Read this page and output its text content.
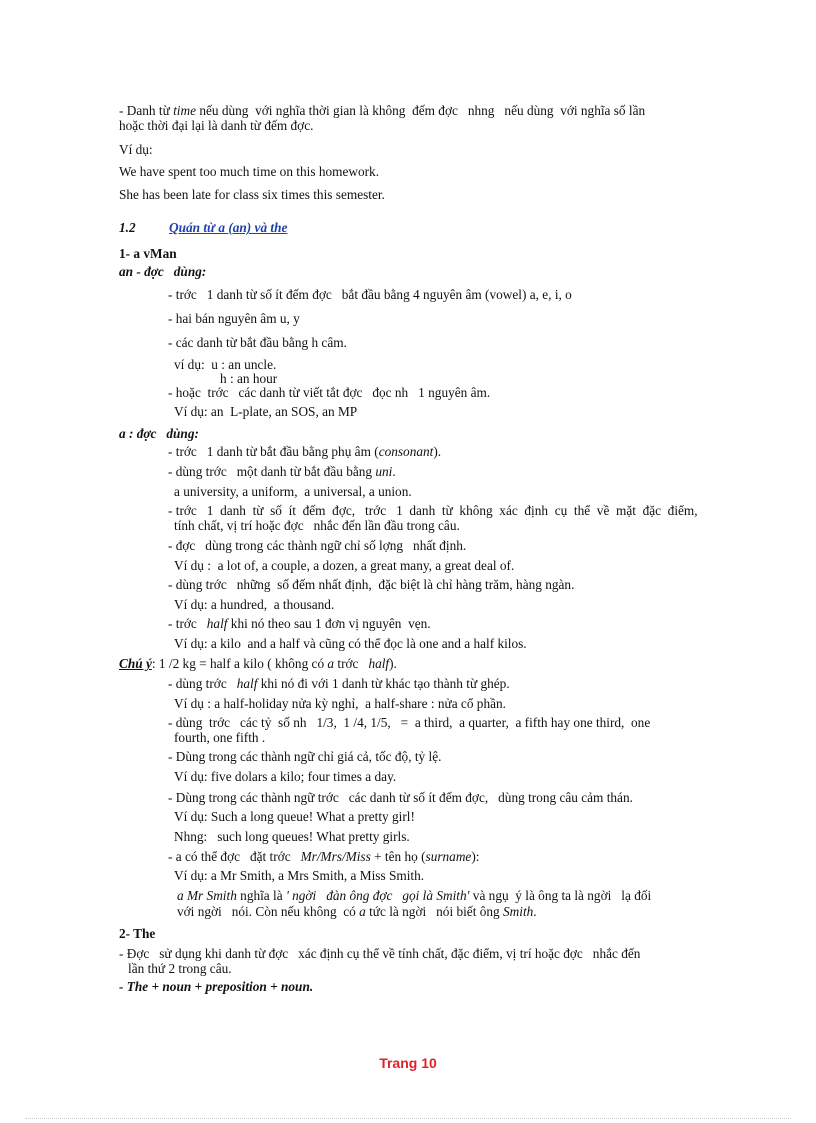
- Danh từ time nếu dùng  với nghĩa thời gian là không  đếm đợc   nhng   nếu dùng  với nghĩa số lần
hoặc thời đại lại là danh từ đếm đợc.
Ví dụ:
We have spent too much time on this homework.
She has been late for class six times this semester.
1.2	Quán từ a (an) và the
1- a vMan
an - đợc   dùng:
- trớc   1 danh từ số ít đếm đợc   bắt đầu bằng 4 nguyên âm (vowel) a, e, i, o
- hai bán nguyên âm u, y
- các danh từ bắt đầu bằng h câm.
ví dụ:  u : an uncle.
h : an hour
- hoặc  trớc   các danh từ viết tắt đợc   đọc nh   1 nguyên âm.
Ví dụ: an  L-plate, an SOS, an MP
a : đợc   dùng:
- trớc   1 danh từ bắt đầu bằng phụ âm (consonant).
- dùng trớc   một danh từ bắt đầu bằng uni.
a university, a uniform,  a universal, a union.
- trớc   1  danh  từ  số  ít  đếm  đợc,   trớc   1  danh  từ  không  xác  định  cụ  thể  về  mặt  đặc  điểm,
tính chất, vị trí hoặc đợc   nhắc đến lần đầu trong câu.
- đợc   dùng trong các thành ngữ chỉ số lợng   nhất định.
Ví dụ :  a lot of, a couple, a dozen, a great many, a great deal of.
- dùng trớc   những  số đếm nhất định,  đặc biệt là chỉ hàng trăm, hàng ngàn.
Ví dụ: a hundred,  a thousand.
- trớc   half khi nó theo sau 1 đơn vị nguyên  vẹn.
Ví dụ: a kilo  and a half và cũng có thể đọc là one and a half kilos.
Chú ý: 1 /2 kg = half a kilo ( không có a trớc   half).
- dùng trớc   half khi nó đi với 1 danh từ khác tạo thành từ ghép.
Ví dụ : a half-holiday nửa kỳ nghỉ,  a half-share : nửa cổ phần.
- dùng  trớc   các tỷ  số nh   1/3,  1 /4, 1/5,   =  a third,  a quarter,  a fifth hay one third,  one
fourth, one fifth .
- Dùng trong các thành ngữ chỉ giá cả, tốc độ, tỷ lệ.
Ví dụ: five dolars a kilo; four times a day.
- Dùng trong các thành ngữ trớc   các danh từ số ít đếm đợc,   dùng trong câu cảm thán.
Ví dụ: Such a long queue! What a pretty girl!
Nhng:   such long queues! What pretty girls.
- a có thể đợc   đặt trớc   Mr/Mrs/Miss + tên họ (surname):
Ví dụ: a Mr Smith, a Mrs Smith, a Miss Smith.
a Mr Smith nghĩa là ' ngời   đàn ông đợc   gọi là Smith' và ngụ  ý là ông ta là ngời   lạ đối
với ngời   nói. Còn nếu không  có a tức là ngời   nói biết ông Smith.
2- The
- Đợc   sử dụng khi danh từ đợc   xác định cụ thể về tính chất, đặc điểm, vị trí hoặc đợc   nhắc đến
lần thứ 2 trong câu.
- The + noun + preposition + noun.
Trang 10
